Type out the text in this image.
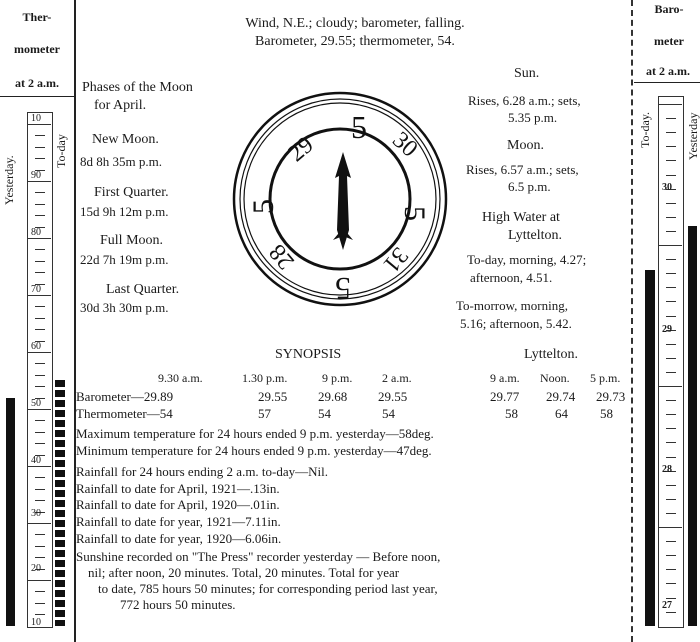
Ther-
mometer
at 2 a.m.
Yesterday.
To-day
10
90
80
70
60
50
40
30
20
10
Baro-
meter
at 2 a.m.
To-day.	Yesterday
30
29
28
27
Wind, N.E.; cloudy; barometer, falling.
Barometer, 29.55; thermometer, 54.
Phases of the Moon
for April.
New Moon.
8d 8h 35m p.m.
First Quarter.
15d 9h 12m p.m.
Full Moon.
22d 7h 19m p.m.
Last Quarter.
30d 3h 30m p.m.
5
29	30
5	5
31
5
28
Sun.
Rises, 6.28 a.m.; sets,
5.35 p.m.
Moon.
Rises, 6.57 a.m.; sets,
6.5 p.m.
High Water at
Lyttelton.
To-day, morning, 4.27;
afternoon, 4.51.
To-morrow, morning,
5.16; afternoon, 5.42.
SYNOPSIS	Lyttelton.
9.30 a.m.	1.30 p.m.	9 p.m. 2 a.m.	9 a.m. Noon. 5 p.m.
Barometer—29.89	29.55 29.68 29.55	29.77 29.74 29.73
Thermometer—54	57	54	54	58	64 58
Maximum temperature for 24 hours ended 9 p.m. yesterday—58deg.
Minimum temperature for 24 hours ended 9 p.m. yesterday—47deg.
Rainfall for 24 hours ending 2 a.m. to-day—Nil.
Rainfall to date for April, 1921—.13in.
Rainfall to date for April, 1920—.01in.
Rainfall to date for year, 1921—7.11in.
Rainfall to date for year, 1920—6.06in.
Sunshine recorded on "The Press" recorder yesterday — Before noon,
nil; after noon, 20 minutes. Total, 20 minutes. Total for year
to date, 785 hours 50 minutes; for corresponding period last year,
772 hours 50 minutes.
